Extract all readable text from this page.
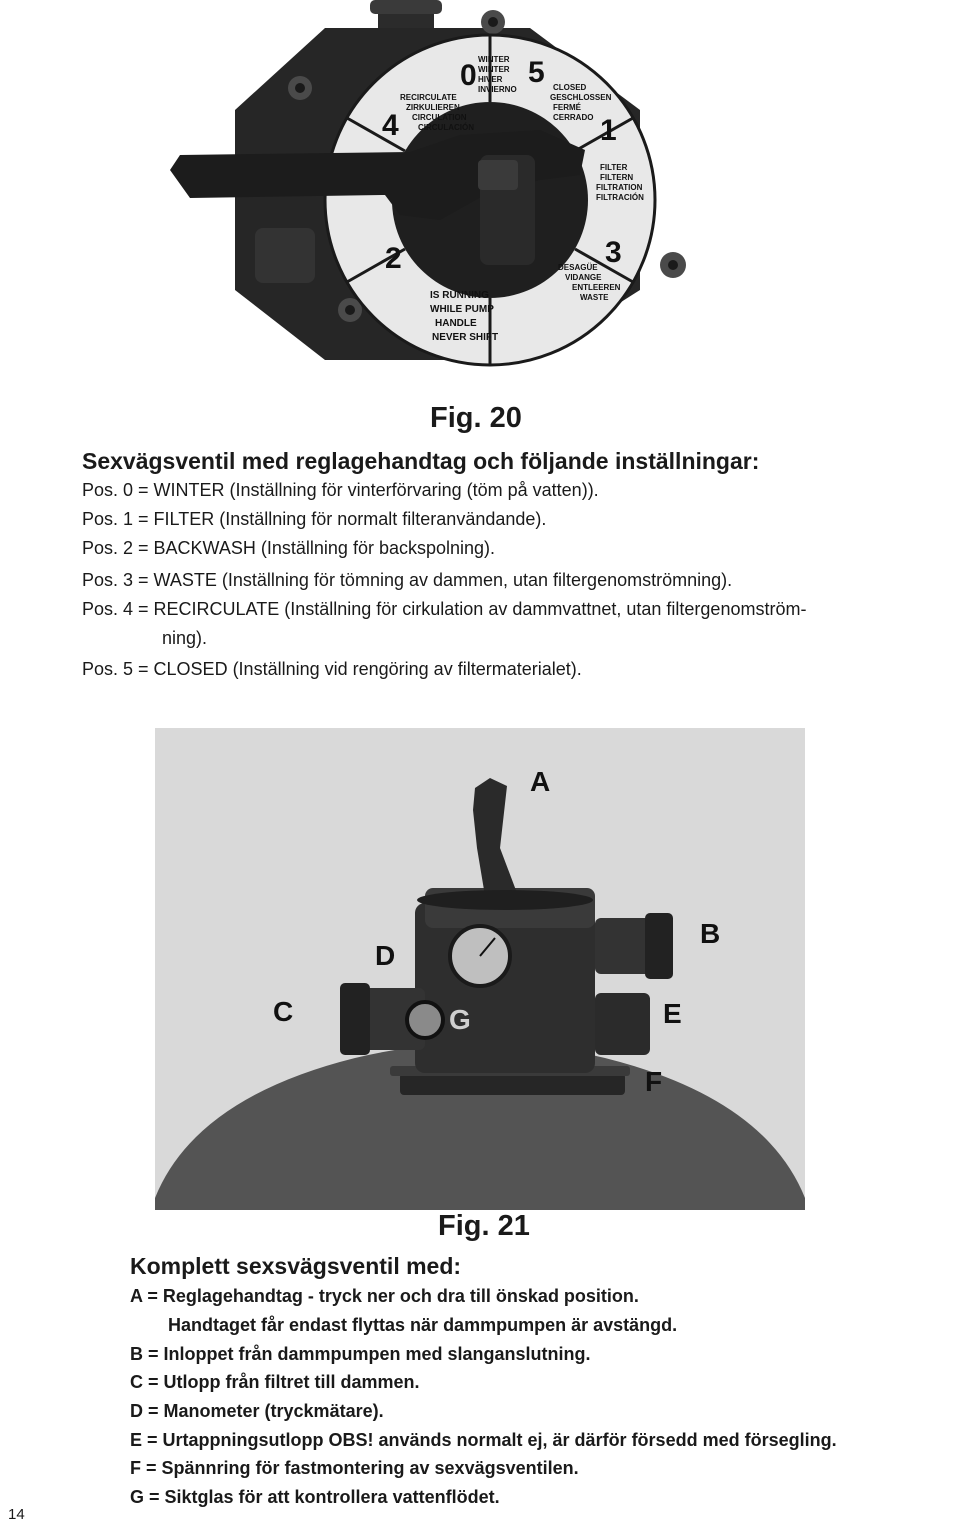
0 5
1
3
2
4
WINTER
WINTER
HIVER
INVIERNO	CLOSED
GESCHLOSSEN
FERMÉ
CERRADO
FILTER
FILTERN
FILTRATION
FILTRACIÓN
WASTE
ENTLEEREN
VIDANGE
DESAGÜE
RECIRCULATE
ZIRKULIEREN
CIRCULATION
CIRCULACIÓN
NEVER SHIFT
HANDLE
WHILE PUMP
IS RUNNING
Fig. 20
Sexvägsventil med reglagehandtag och följande inställningar:
Pos. 0 = WINTER (Inställning för vinterförvaring (töm på vatten)).
Pos. 1 = FILTER (Inställning för normalt filteranvändande).
Pos. 2 = BACKWASH (Inställning för backspolning).
Pos. 3 = WASTE (Inställning för tömning av dammen, utan filtergenomströmning).
Pos. 4 = RECIRCULATE (Inställning för cirkulation av dammvattnet, utan filtergenomström-
ning).
Pos. 5 = CLOSED (Inställning vid rengöring av filtermaterialet).
A
B
C
D
E
F
G
Fig. 21
Komplett sexsvägsventil med:
A = Reglagehandtag - tryck ner och dra till önskad position.
Handtaget får endast flyttas när dammpumpen är avstängd.
B = Inloppet från dammpumpen med slanganslutning.
C = Utlopp från filtret till dammen.
D = Manometer (tryckmätare).
E = Urtappningsutlopp OBS! används normalt ej, är därför försedd med försegling.
F = Spännring för fastmontering av sexvägsventilen.
G = Siktglas för att kontrollera vattenflödet.
14
